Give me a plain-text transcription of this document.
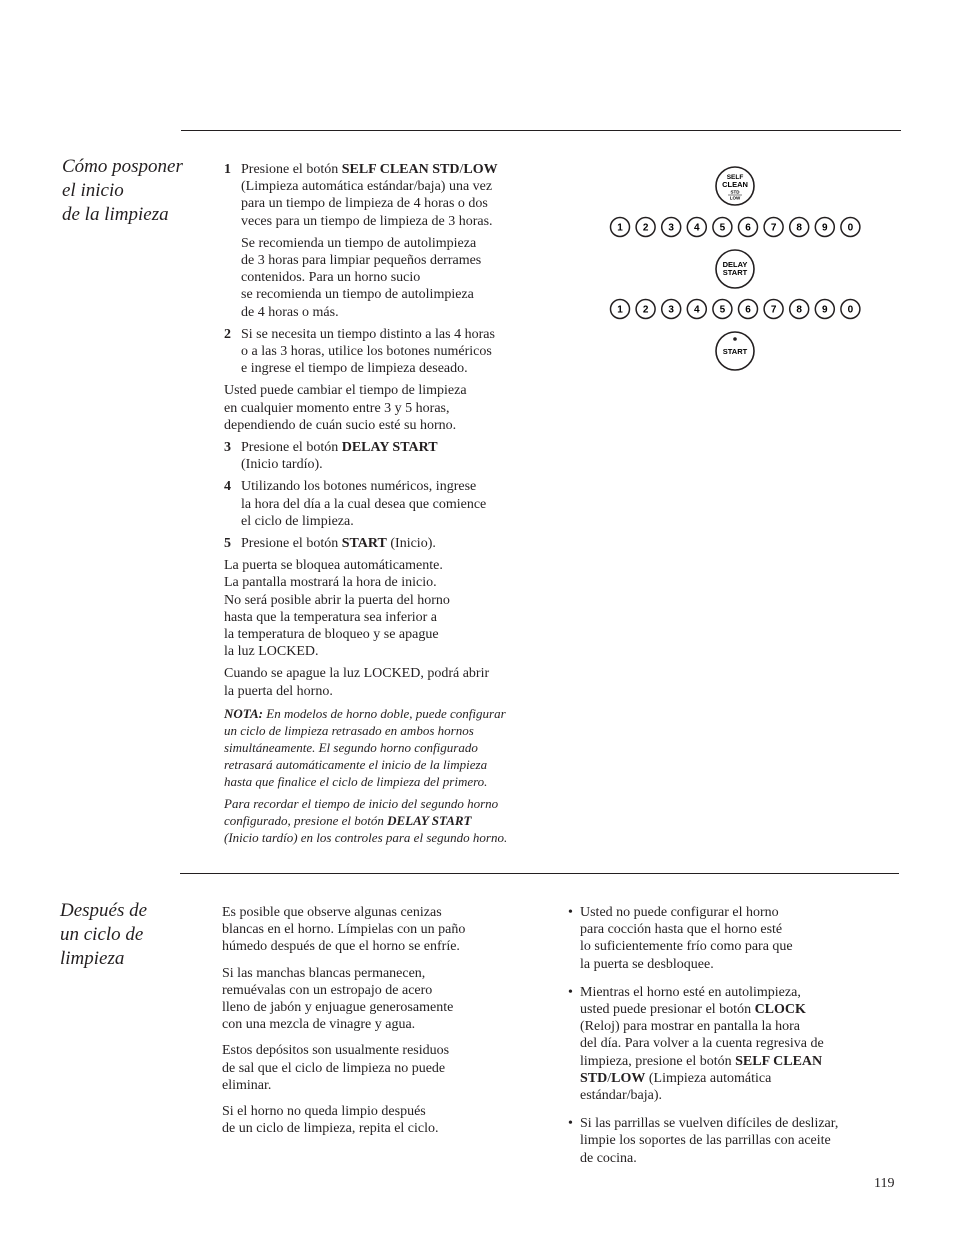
Cómo posponer
el inicio
de la limpieza
1 Presione el botón SELF CLEAN STD/LOW
(Limpieza automática estándar/baja) una vez
para un tiempo de limpieza de 4 horas o dos
veces para un tiempo de limpieza de 3 horas.
Se recomienda un tiempo de autolimpieza
de 3 horas para limpiar pequeños derrames
contenidos. Para un horno sucio
se recomienda un tiempo de autolimpieza
de 4 horas o más.
2 Si se necesita un tiempo distinto a las 4 horas
o a las 3 horas, utilice los botones numéricos
e ingrese el tiempo de limpieza deseado.

Usted puede cambiar el tiempo de limpieza
en cualquier momento entre 3 y 5 horas,
dependiendo de cuán sucio esté su horno.

3 Presione el botón DELAY START
(Inicio tardío).
4 Utilizando los botones numéricos, ingrese
la hora del día a la cual desea que comience
el ciclo de limpieza.
5 Presione el botón START (Inicio).

La puerta se bloquea automáticamente.
La pantalla mostrará la hora de inicio.
No será posible abrir la puerta del horno
hasta que la temperatura sea inferior a
la temperatura de bloqueo y se apague
la luz LOCKED.

Cuando se apague la luz LOCKED, podrá abrir
la puerta del horno.

NOTA: En modelos de horno doble, puede configurar
un ciclo de limpieza retrasado en ambos hornos
simultáneamente. El segundo horno configurado
retrasará automáticamente el inicio de la limpieza
hasta que finalice el ciclo de limpieza del primero.
Para recordar el tiempo de inicio del segundo horno
configurado, presione el botón DELAY START
(Inicio tardío) en los controles para el segundo horno.
SELF
CLEAN
STD
LOW
1 2 3 4 5 6 7 8 9 0
DELAY
START
1 2 3 4 5 6 7 8 9 0
START
Después de
un ciclo de
limpieza

Es posible que observe algunas cenizas
blancas en el horno. Límpielas con un paño
húmedo después de que el horno se enfríe.

Si las manchas blancas permanecen,
remuévalas con un estropajo de acero
lleno de jabón y enjuague generosamente
con una mezcla de vinagre y agua.

Estos depósitos son usualmente residuos
de sal que el ciclo de limpieza no puede
eliminar.

Si el horno no queda limpio después
de un ciclo de limpieza, repita el ciclo.

• Usted no puede configurar el horno
para cocción hasta que el horno esté
lo suficientemente frío como para que
la puerta se desbloquee.
• Mientras el horno esté en autolimpieza,
usted puede presionar el botón CLOCK
(Reloj) para mostrar en pantalla la hora
del día. Para volver a la cuenta regresiva de
limpieza, presione el botón SELF CLEAN
STD/LOW (Limpieza automática
estándar/baja).
• Si las parrillas se vuelven difíciles de deslizar,
limpie los soportes de las parrillas con aceite
de cocina.
119
